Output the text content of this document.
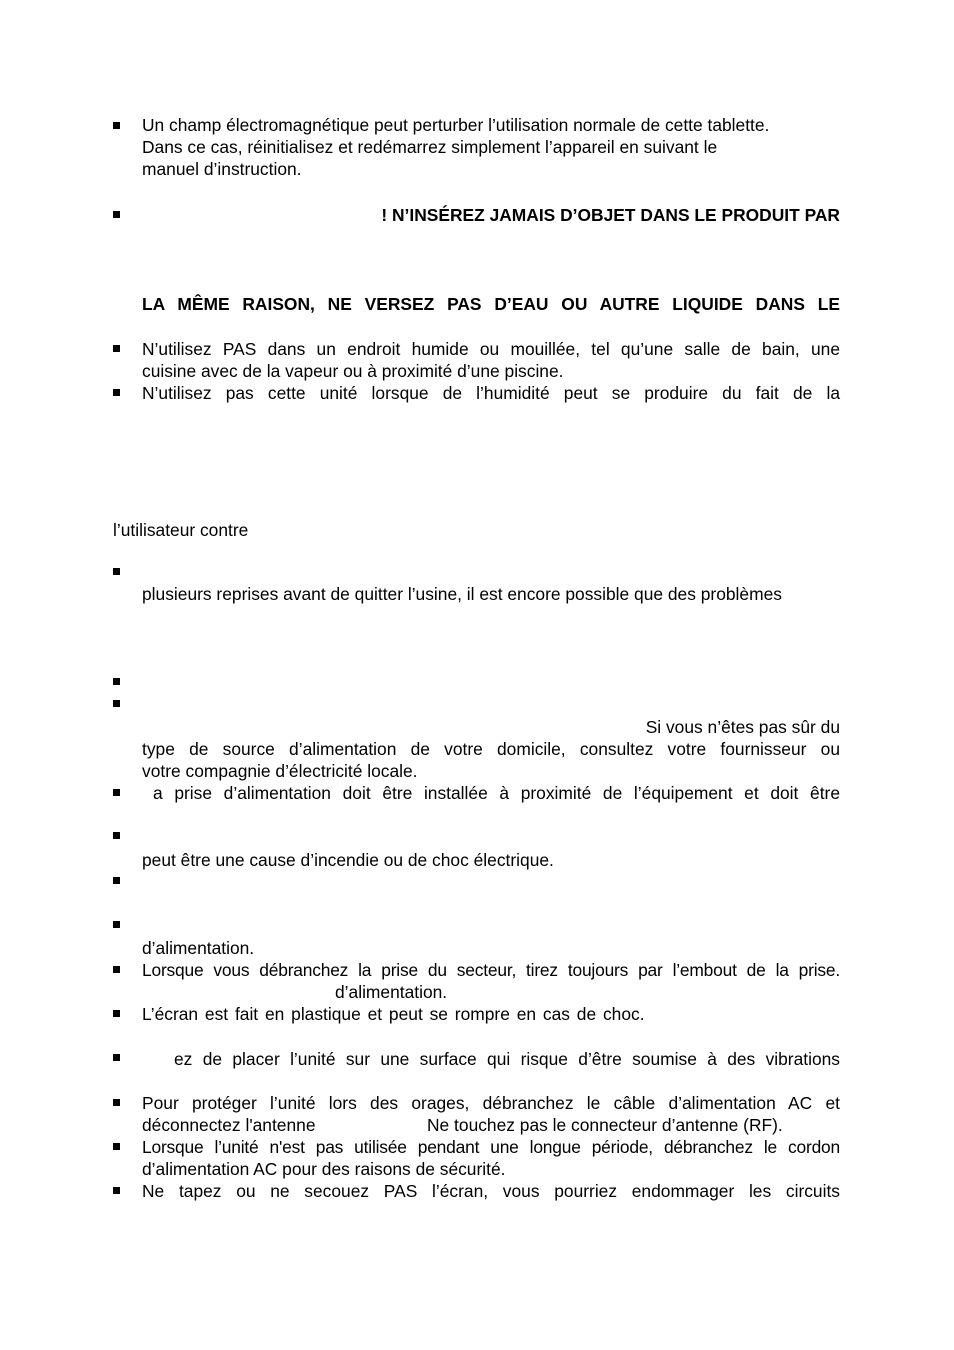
Un champ électromagnétique peut perturber l’utilisation normale de cette tablette.
Dans ce cas, réinitialisez et redémarrez simplement l’appareil en suivant le
manuel d’instruction.
! N’INSÉREZ JAMAIS D’OBJET DANS LE PRODUIT PAR
LA MÊME RAISON, NE VERSEZ PAS D’EAU OU AUTRE LIQUIDE DANS LE
N’utilisez PAS dans un endroit humide ou mouillée, tel qu’une salle de bain, une
cuisine avec de la vapeur ou à proximité d’une piscine.
N’utilisez pas cette unité lorsque de l’humidité peut se produire du fait de la
l’utilisateur contre
plusieurs reprises avant de quitter l’usine, il est encore possible que des problèmes
Si vous n’êtes pas sûr du
type de source d’alimentation de votre domicile, consultez votre fournisseur ou
votre compagnie d’électricité locale.
a prise d’alimentation doit être installée à proximité de l’équipement et doit être
peut être une cause d’incendie ou de choc électrique.
d’alimentation.
Lorsque vous débranchez la prise du secteur, tirez toujours par l’embout de la prise.
d’alimentation.
L’écran est fait en plastique et peut se rompre en cas de choc.
ez de placer l’unité sur une surface qui risque d’être soumise à des vibrations
Pour protéger l’unité lors des orages, débranchez le câble d’alimentation AC et
déconnectez l'antenne	Ne touchez pas le connecteur d’antenne (RF).
Lorsque l’unité n'est pas utilisée pendant une longue période, débranchez le cordon
d’alimentation AC pour des raisons de sécurité.
Ne tapez ou ne secouez PAS l’écran, vous pourriez endommager les circuits
